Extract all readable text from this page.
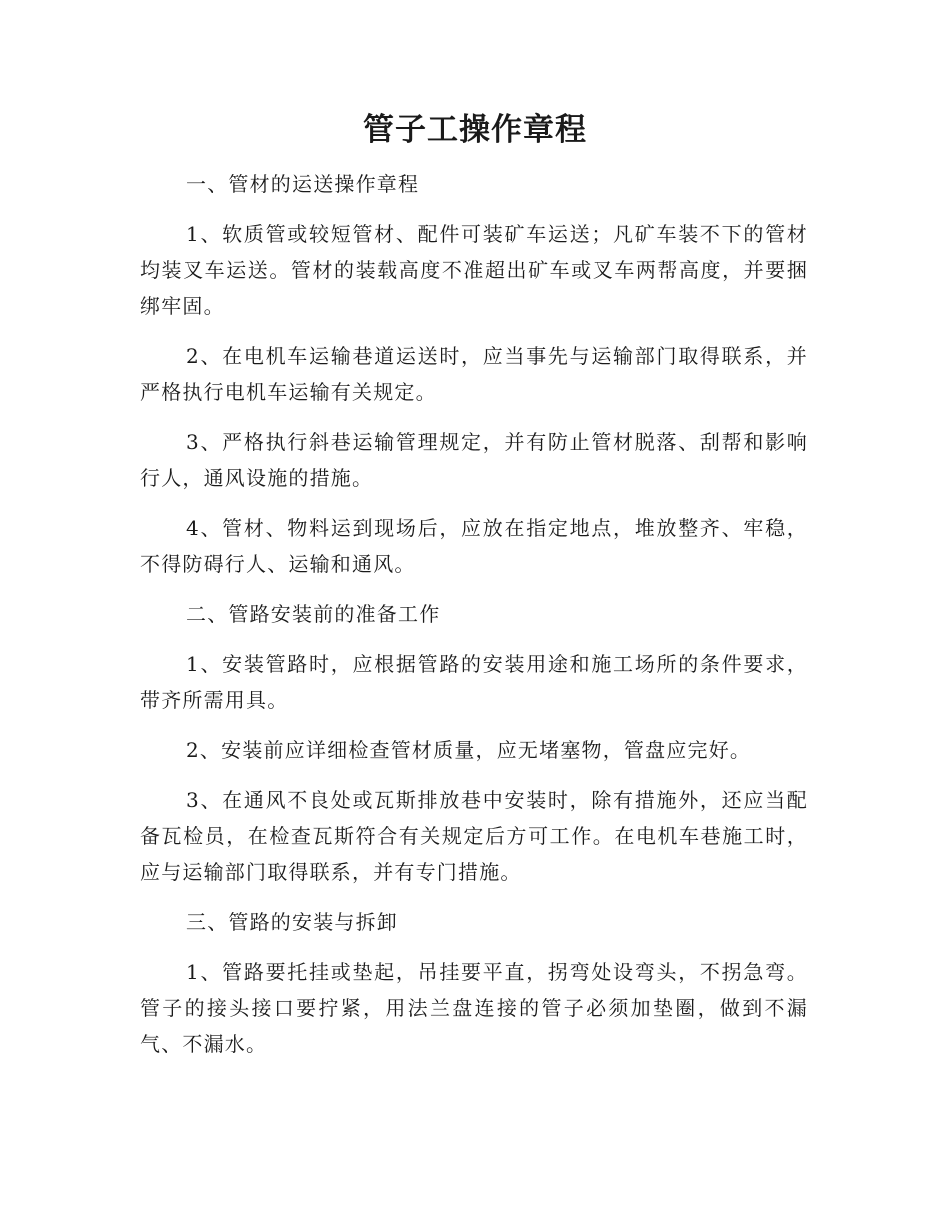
管子工操作章程

一、管材的运送操作章程

1、软质管或较短管材、配件可装矿车运送；凡矿车装不下的管材均装叉车运送。管材的装载高度不准超出矿车或叉车两帮高度，并要捆绑牢固。

2、在电机车运输巷道运送时，应当事先与运输部门取得联系，并严格执行电机车运输有关规定。

3、严格执行斜巷运输管理规定，并有防止管材脱落、刮帮和影响行人，通风设施的措施。

4、管材、物料运到现场后，应放在指定地点，堆放整齐、牢稳，不得防碍行人、运输和通风。

二、管路安装前的准备工作

1、安装管路时，应根据管路的安装用途和施工场所的条件要求，带齐所需用具。

2、安装前应详细检查管材质量，应无堵塞物，管盘应完好。

3、在通风不良处或瓦斯排放巷中安装时，除有措施外，还应当配备瓦检员，在检查瓦斯符合有关规定后方可工作。在电机车巷施工时，应与运输部门取得联系，并有专门措施。

三、管路的安装与拆卸

1、管路要托挂或垫起，吊挂要平直，拐弯处设弯头，不拐急弯。管子的接头接口要拧紧，用法兰盘连接的管子必须加垫圈，做到不漏气、不漏水。
